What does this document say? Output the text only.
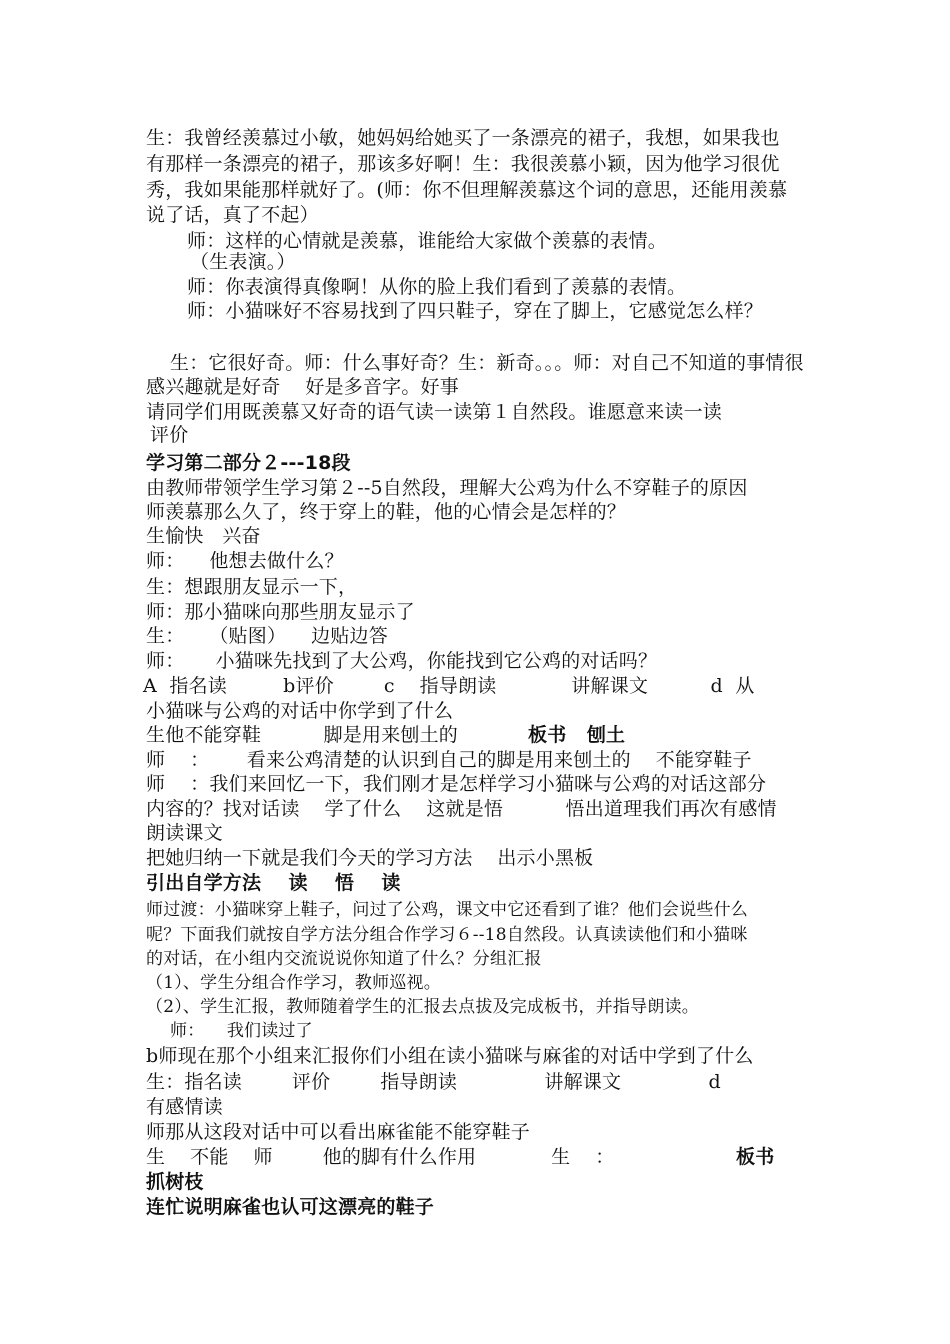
生：我曾经羡慕过小敏，她妈妈给她买了一条漂亮的裙子，我想，如果我也
有那样一条漂亮的裙子，那该多好啊！生：我很羡慕小颖，因为他学习很优
秀，我如果能那样就好了。(师：你不但理解羡慕这个词的意思，还能用羡慕
说了话，真了不起）
师：这样的心情就是羡慕，谁能给大家做个羡慕的表情。
（生表演。）
师：你表演得真像啊！从你的脸上我们看到了羡慕的表情。
师：小猫咪好不容易找到了四只鞋子，穿在了脚上，它感觉怎么样？
生：它很好奇。师：什么事好奇？生：新奇。。。师：对自己不知道的事情很
感兴趣就是好奇    好是多音字。好事
请同学们用既羡慕又好奇的语气读一读第１自然段。谁愿意来读一读
评价
学习第二部分２---18段
由教师带领学生学习第２--5自然段，理解大公鸡为什么不穿鞋子的原因
师羡慕那么久了，终于穿上的鞋，他的心情会是怎样的？
生愉快   兴奋
师：    他想去做什么？
生：想跟朋友显示一下，
师：那小猫咪向那些朋友显示了
生：    （贴图）    边贴边答
师：     小猫咪先找到了大公鸡，你能找到它公鸡的对话吗？
A  指名读         b评价        c    指导朗读            讲解课文          d  从
小猫咪与公鸡的对话中你学到了什么
生他不能穿鞋          脚是用来刨土的	板书   刨土
师    ：      看来公鸡清楚的认识到自己的脚是用来刨土的    不能穿鞋子
师    ：我们来回忆一下，我们刚才是怎样学习小猫咪与公鸡的对话这部分
内容的？找对话读    学了什么    这就是悟          悟出道理我们再次有感情
朗读课文
把她归纳一下就是我们今天的学习方法    出示小黑板
引出自学方法    读    悟    读
师过渡：小猫咪穿上鞋子，问过了公鸡，课文中它还看到了谁？他们会说些什么
呢？下面我们就按自学方法分组合作学习６--18自然段。认真读读他们和小猫咪
的对话，在小组内交流说说你知道了什么？分组汇报
（1）、学生分组合作学习，教师巡视。
（2）、学生汇报，教师随着学生的汇报去点拔及完成板书，并指导朗读。
师：    我们读过了
b师现在那个小组来汇报你们小组在读小猫咪与麻雀的对话中学到了什么
生：指名读        评价        指导朗读              讲解课文              d
有感情读
师那从这段对话中可以看出麻雀能不能穿鞋子
生    不能    师        他的脚有什么作用            生    ：	板书
抓树枝
连忙说明麻雀也认可这漂亮的鞋子
